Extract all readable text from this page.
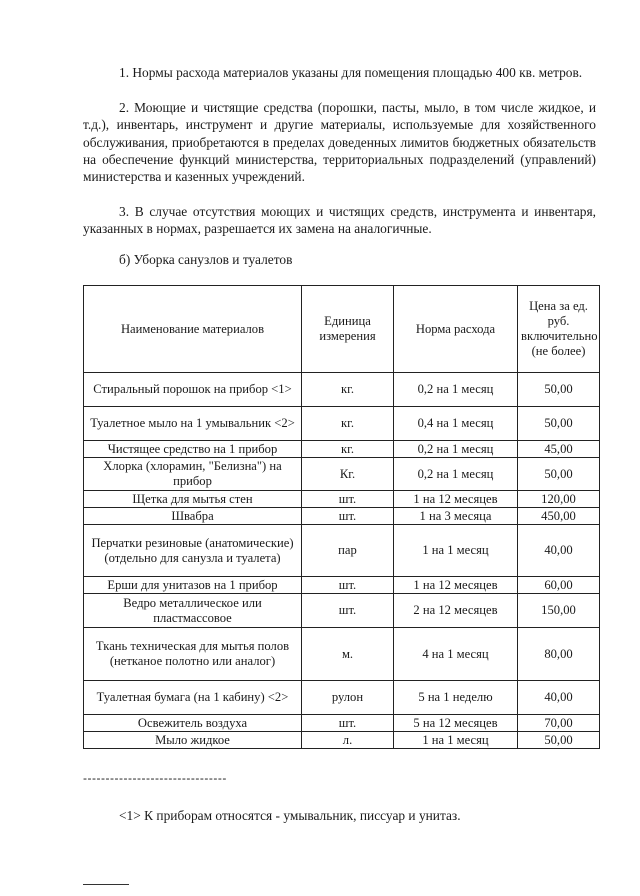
1. Нормы расхода материалов указаны для помещения площадью 400 кв. метров.

2. Моющие и чистящие средства (порошки, пасты, мыло, в том числе жидкое, и т.д.), инвентарь, инструмент и другие материалы, используемые для хозяйственного обслуживания, приобретаются в пределах доведенных лимитов бюджетных обязательств на обеспечение функций министерства, территориальных подразделений (управлений) министерства и казенных учреждений.

3. В случае отсутствия моющих и чистящих средств, инструмента и инвентаря, указанных в нормах, разрешается их замена на аналогичные.

б) Уборка санузлов и туалетов

Наименование материалов	Единица измерения	Норма расхода	Цена за ед. руб. включительно (не более)
Стиральный порошок на прибор <1>	кг.	0,2 на 1 месяц	50,00
Туалетное мыло на 1 умывальник <2>	кг.	0,4 на 1 месяц	50,00
Чистящее средство на 1 прибор	кг.	0,2 на 1 месяц	45,00
Хлорка (хлорамин, "Белизна") на прибор	Кг.	0,2 на 1 месяц	50,00
Щетка для мытья стен	шт.	1 на 12 месяцев	120,00
Швабра	шт.	1 на 3 месяца	450,00
Перчатки резиновые (анатомические) (отдельно для санузла и туалета)	пар	1 на 1 месяц	40,00
Ерши для унитазов на 1 прибор	шт.	1 на 12 месяцев	60,00
Ведро металлическое или пластмассовое	шт.	2 на 12 месяцев	150,00
Ткань техническая для мытья полов (нетканое полотно или аналог)	м.	4 на 1 месяц	80,00
Туалетная бумага (на 1 кабину) <2>	рулон	5 на 1 неделю	40,00
Освежитель воздуха	шт.	5 на 12 месяцев	70,00
Мыло жидкое	л.	1 на 1 месяц	50,00

--------------------------------

<1> К приборам относятся - умывальник, писсуар и унитаз.
